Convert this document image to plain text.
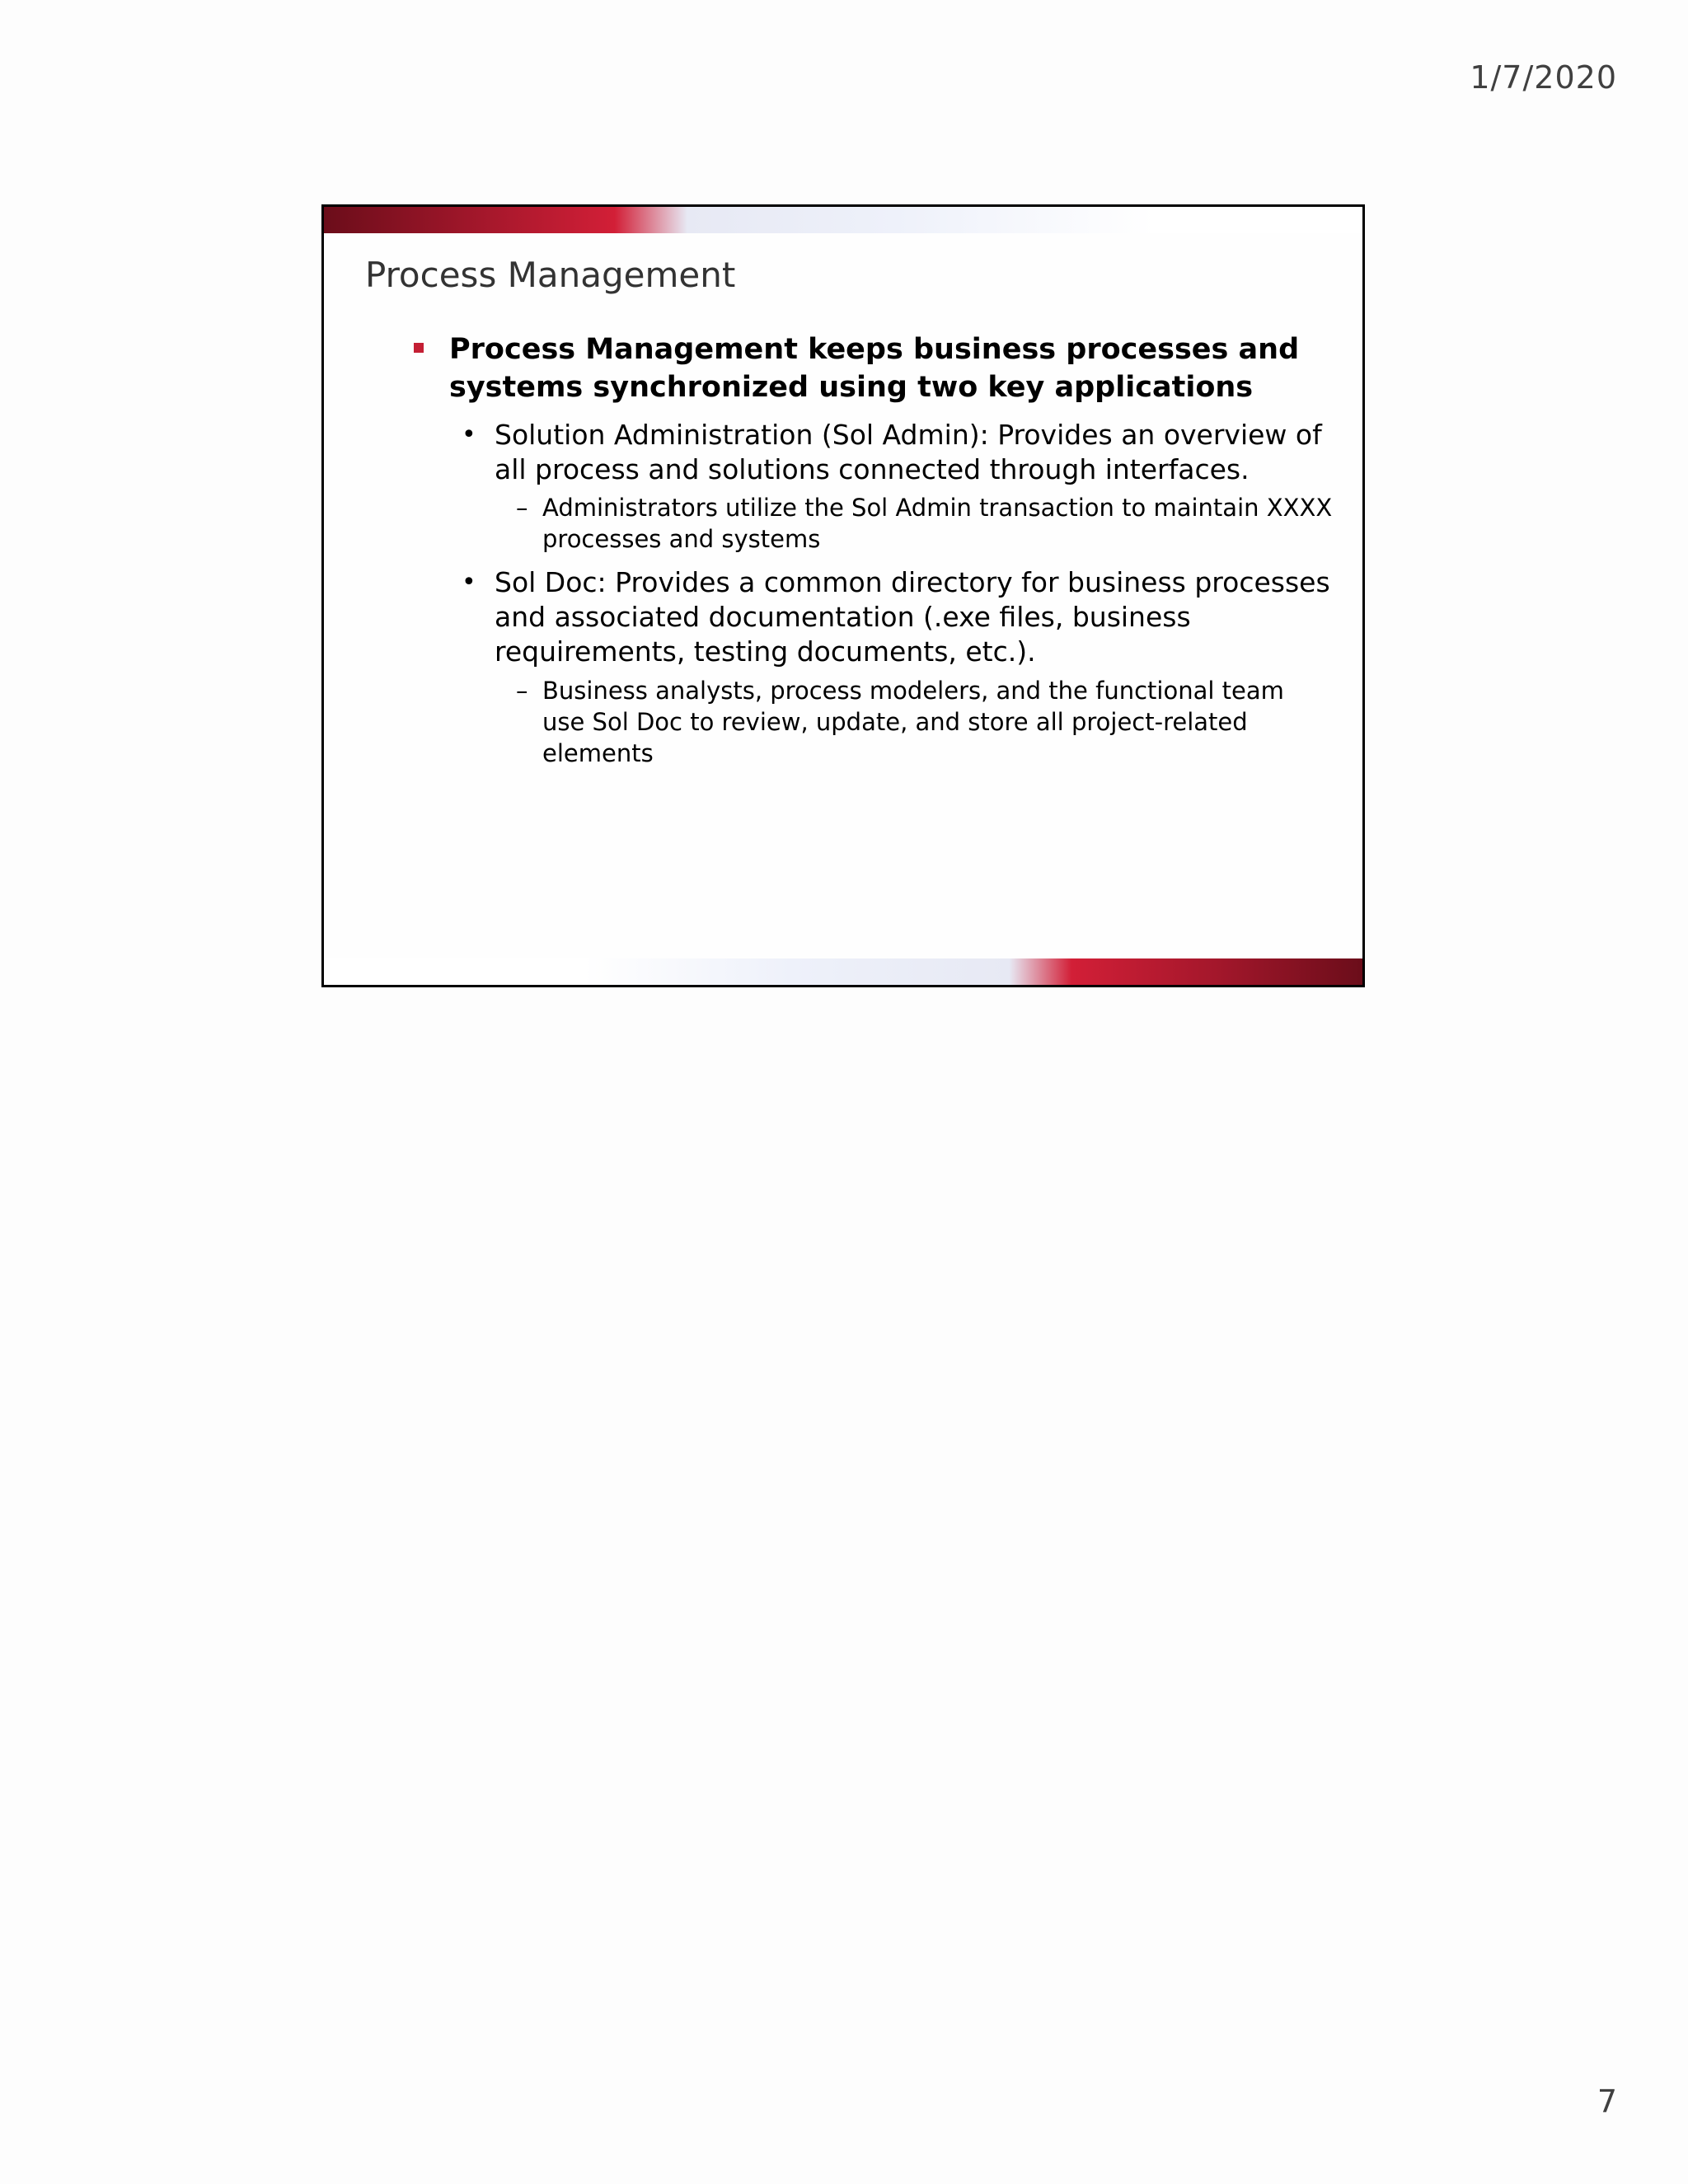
1/7/2020
Process Management
Process Management keeps business processes and systems synchronized using two key applications
• Solution Administration (Sol Admin): Provides an overview of all process and solutions connected through interfaces.
– Administrators utilize the Sol Admin transaction to maintain XXXX processes and systems
• Sol Doc: Provides a common directory for business processes and associated documentation (.exe files, business requirements, testing documents, etc.).
– Business analysts, process modelers, and the functional team use Sol Doc to review, update, and store all project-related elements
7
